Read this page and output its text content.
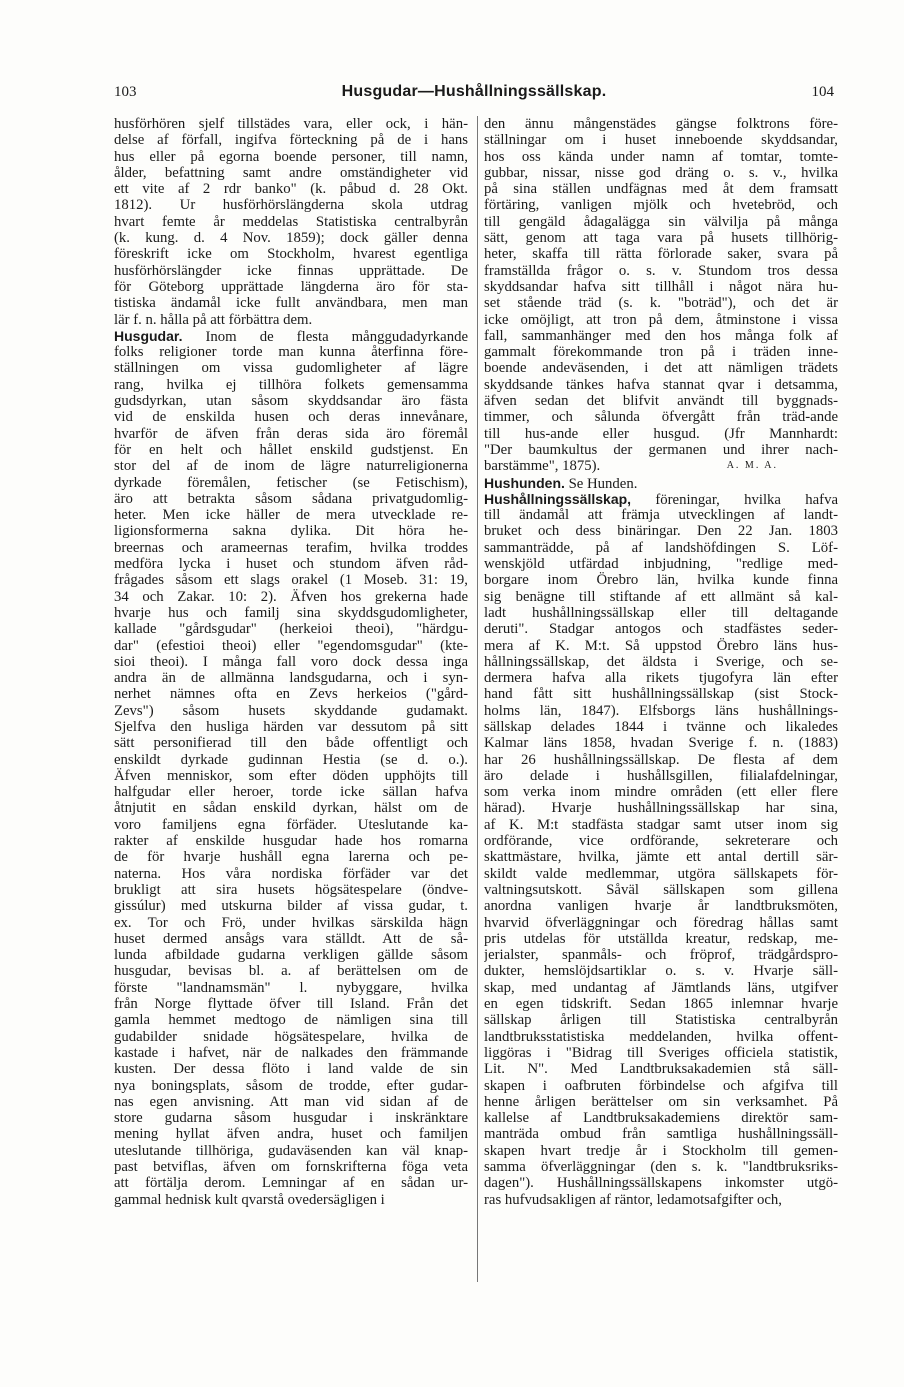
103	Husgudar—Hushållningssällskap.	104
husförhören sjelf tillstädes vara, eller ock, i hän-
delse af förfall, ingifva förteckning på de i hans
hus eller på egorna boende personer, till namn,
ålder, befattning samt andre omständigheter vid
ett vite af 2 rdr banko" (k. påbud d. 28 Okt.
1812). Ur husförhörslängderna skola utdrag
hvart femte år meddelas Statistiska centralbyrån
(k. kung. d. 4 Nov. 1859); dock gäller denna
föreskrift icke om Stockholm, hvarest egentliga
husförhörslängder icke finnas upprättade. De
för Göteborg upprättade längderna äro för sta-
tistiska ändamål icke fullt användbara, men man
lär f. n. hålla på att förbättra dem.
Husgudar. Inom de flesta månggudadyrkande
folks religioner torde man kunna återfinna före-
ställningen om vissa gudomligheter af lägre
rang, hvilka ej tillhöra folkets gemensamma
gudsdyrkan, utan såsom skyddsandar äro fästa
vid de enskilda husen och deras innevånare,
hvarför de äfven från deras sida äro föremål
för en helt och hållet enskild gudstjenst. En
stor del af de inom de lägre naturreligionerna
dyrkade föremålen, fetischer (se Fetischism),
äro att betrakta såsom sådana privatgudomlig-
heter. Men icke häller de mera utvecklade re-
ligionsformerna sakna dylika. Dit höra he-
breernas och arameernas terafim, hvilka troddes
medföra lycka i huset och stundom äfven råd-
frågades såsom ett slags orakel (1 Moseb. 31: 19,
34 och Zakar. 10: 2). Äfven hos grekerna hade
hvarje hus och familj sina skyddsgudomligheter,
kallade "gårdsgudar" (herkeioi theoi), "härdgu-
dar" (efestioi theoi) eller "egendomsgudar" (kte-
sioi theoi). I många fall voro dock dessa inga
andra än de allmänna landsgudarna, och i syn-
nerhet nämnes ofta en Zevs herkeios ("gård-
Zevs") såsom husets skyddande gudamakt.
Sjelfva den husliga härden var dessutom på sitt
sätt personifierad till den både offentligt och
enskildt dyrkade gudinnan Hestia (se d. o.).
Äfven menniskor, som efter döden upphöjts till
halfgudar eller heroer, torde icke sällan hafva
åtnjutit en sådan enskild dyrkan, hälst om de
voro familjens egna förfäder. Uteslutande ka-
rakter af enskilde husgudar hade hos romarna
de för hvarje hushåll egna larerna och pe-
naterna. Hos våra nordiska förfäder var det
brukligt att sira husets högsätespelare (öndve-
gissúlur) med utskurna bilder af vissa gudar, t.
ex. Tor och Frö, under hvilkas särskilda hägn
huset dermed ansågs vara ställdt. Att de så-
lunda afbildade gudarna verkligen gällde såsom
husgudar, bevisas bl. a. af berättelsen om de
förste "landnamsmän" l. nybyggare, hvilka
från Norge flyttade öfver till Island. Från det
gamla hemmet medtogo de nämligen sina till
gudabilder snidade högsätespelare, hvilka de
kastade i hafvet, när de nalkades den främmande
kusten. Der dessa flöto i land valde de sin
nya boningsplats, såsom de trodde, efter gudar-
nas egen anvisning. Att man vid sidan af de
store gudarna såsom husgudar i inskränktare
mening hyllat äfven andra, huset och familjen
uteslutande tillhöriga, gudaväsenden kan väl knap-
past betviflas, äfven om fornskrifterna föga veta
att förtälja derom. Lemningar af en sådan ur-
gammal hednisk kult qvarstå ovedersägligen i
den ännu mångenstädes gängse folktrons före-
ställningar om i huset inneboende skyddsandar,
hos oss kända under namn af tomtar, tomte-
gubbar, nissar, nisse god dräng o. s. v., hvilka
på sina ställen undfägnas med åt dem framsatt
förtäring, vanligen mjölk och hvetebröd, och
till gengäld ådagalägga sin välvilja på många
sätt, genom att taga vara på husets tillhörig-
heter, skaffa till rätta förlorade saker, svara på
framställda frågor o. s. v. Stundom tros dessa
skyddsandar hafva sitt tillhåll i något nära hu-
set stående träd (s. k. "boträd"), och det är
icke omöjligt, att tron på dem, åtminstone i vissa
fall, sammanhänger med den hos många folk af
gammalt förekommande tron på i träden inne-
boende andeväsenden, i det att nämligen trädets
skyddsande tänkes hafva stannat qvar i detsamma,
äfven sedan det blifvit användt till byggnads-
timmer, och sålunda öfvergått från träd-ande
till hus-ande eller husgud. (Jfr Mannhardt:
"Der baumkultus der germanen und ihrer nach-
barstämme", 1875).	A. M. A.
Hushunden. Se Hunden.
Hushållningssällskap, föreningar, hvilka hafva
till ändamål att främja utvecklingen af landt-
bruket och dess binäringar. Den 22 Jan. 1803
sammanträdde, på af landshöfdingen S. Löf-
wenskjöld utfärdad inbjudning, "redlige med-
borgare inom Örebro län, hvilka kunde finna
sig benägne till stiftande af ett allmänt så kal-
ladt hushållningssällskap eller till deltagande
deruti". Stadgar antogos och stadfästes seder-
mera af K. M:t. Så uppstod Örebro läns hus-
hållningssällskap, det äldsta i Sverige, och se-
dermera hafva alla rikets tjugofyra län efter
hand fått sitt hushållningssällskap (sist Stock-
holms län, 1847). Elfsborgs läns hushållnings-
sällskap delades 1844 i tvänne och likaledes
Kalmar läns 1858, hvadan Sverige f. n. (1883)
har 26 hushållningssällskap. De flesta af dem
äro delade i hushållsgillen, filialafdelningar,
som verka inom mindre områden (ett eller flere
härad). Hvarje hushållningssällskap har sina,
af K. M:t stadfästa stadgar samt utser inom sig
ordförande, vice ordförande, sekreterare och
skattmästare, hvilka, jämte ett antal dertill sär-
skildt valde medlemmar, utgöra sällskapets för-
valtningsutskott. Såväl sällskapen som gillena
anordna vanligen hvarje år landtbruksmöten,
hvarvid öfverläggningar och föredrag hållas samt
pris utdelas för utställda kreatur, redskap, me-
jerialster, spanmåls- och fröprof, trädgårdspro-
dukter, hemslöjdsartiklar o. s. v. Hvarje säll-
skap, med undantag af Jämtlands läns, utgifver
en egen tidskrift. Sedan 1865 inlemnar hvarje
sällskap årligen till Statistiska centralbyrån
landtbruksstatistiska meddelanden, hvilka offent-
liggöras i "Bidrag till Sveriges officiela statistik,
Lit. N". Med Landtbruksakademien stå säll-
skapen i oafbruten förbindelse och afgifva till
henne årligen berättelser om sin verksamhet. På
kallelse af Landtbruksakademiens direktör sam-
manträda ombud från samtliga hushållningssäll-
skapen hvart tredje år i Stockholm till gemen-
samma öfverläggningar (den s. k. "landtbruksriks-
dagen"). Hushållningssällskapens inkomster utgö-
ras hufvudsakligen af räntor, ledamotsafgifter och,
